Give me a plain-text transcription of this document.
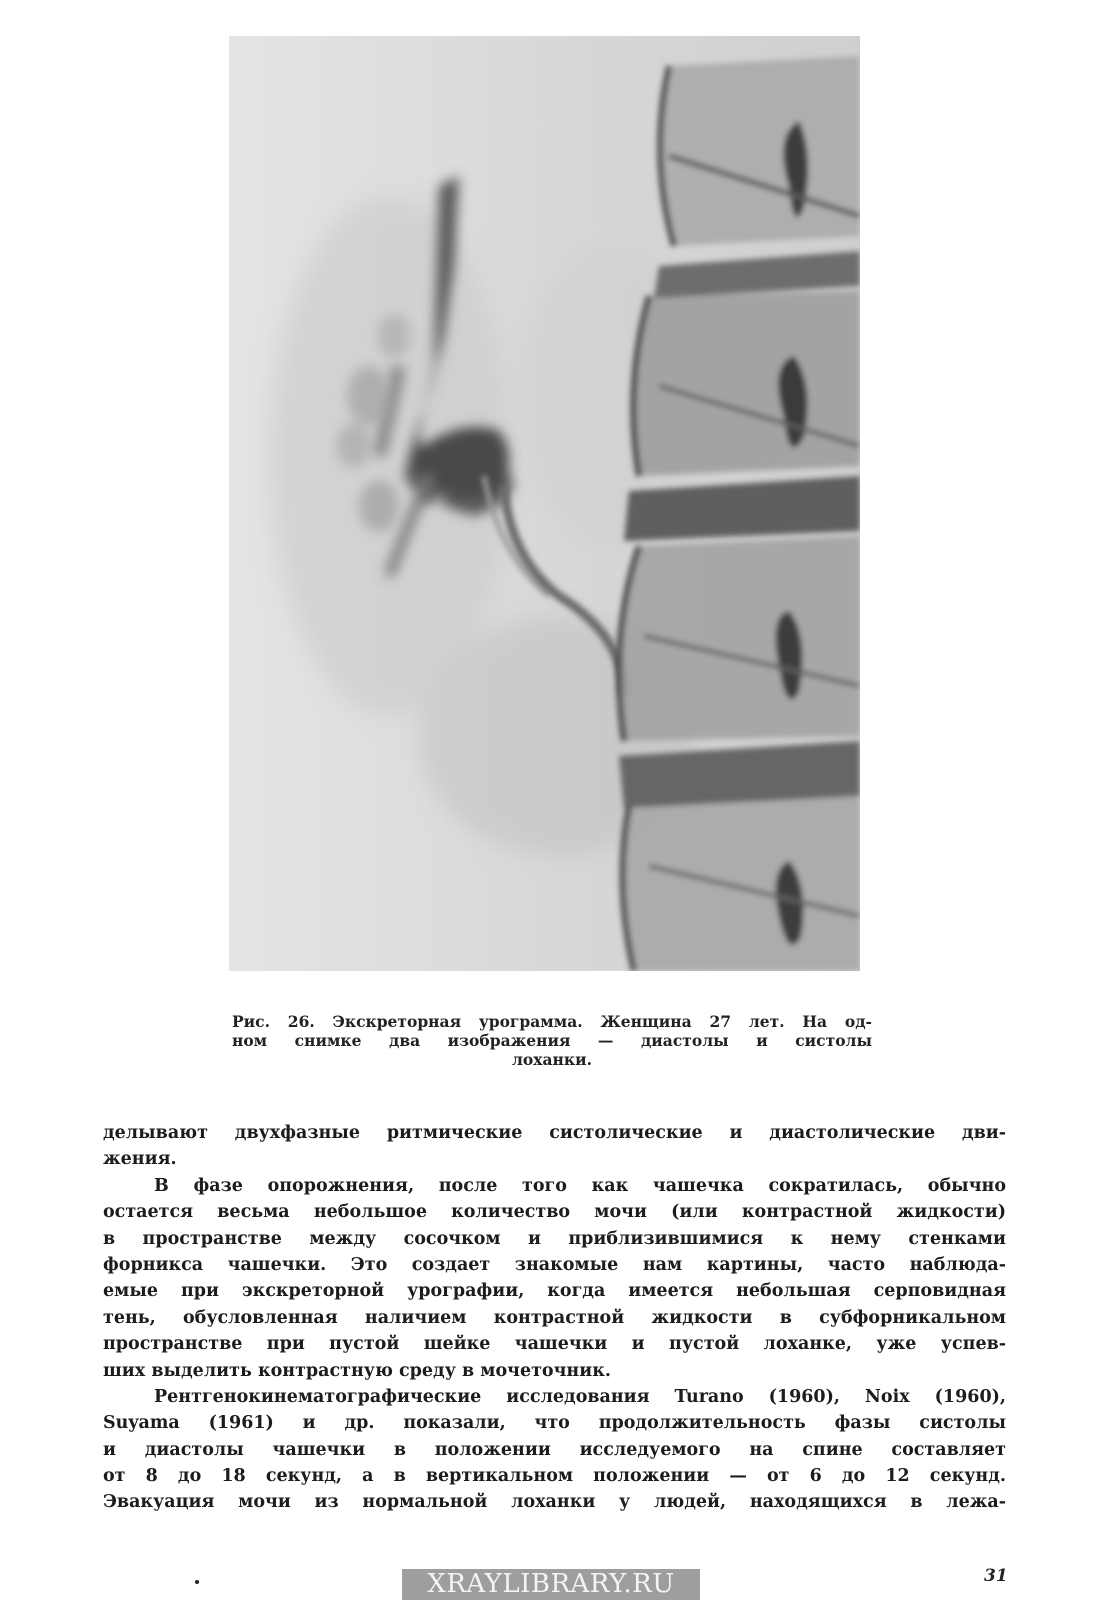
Рис. 26. Экскреторная урограмма. Женщина 27 лет. На од-
ном снимке два изображения — диастолы и систолы
лоханки.
делывают двухфазные ритмические систолические и диастолические дви-
жения.
В фазе опорожнения, после того как чашечка сократилась, обычно
остается весьма небольшое количество мочи (или контрастной жидкости)
в пространстве между сосочком и приблизившимися к нему стенками
форникса чашечки. Это создает знакомые нам картины, часто наблюда-
емые при экскреторной урографии, когда имеется небольшая серповидная
тень, обусловленная наличием контрастной жидкости в субфорникальном
пространстве при пустой шейке чашечки и пустой лоханке, уже успев-
ших выделить контрастную среду в мочеточник.
Рентгенокинематографические исследования Turano (1960), Noix (1960),
Suyama (1961) и др. показали, что продолжительность фазы систолы
и диастолы чашечки в положении исследуемого на спине составляет
от 8 до 18 секунд, а в вертикальном положении — от 6 до 12 секунд.
Эвакуация мочи из нормальной лоханки у людей, находящихся в лежа-
31
XRAYLIBRARY.RU
